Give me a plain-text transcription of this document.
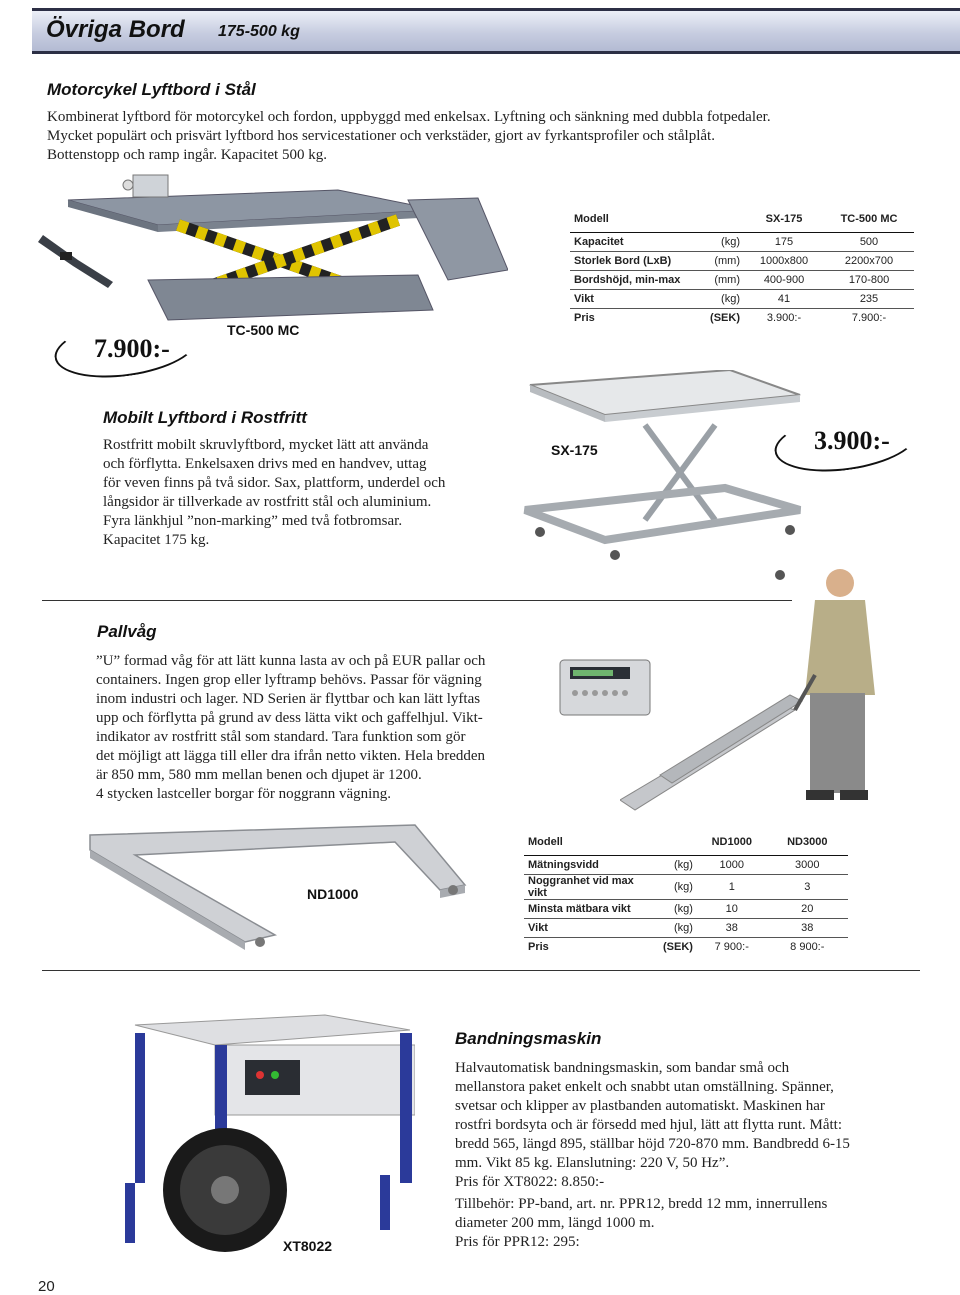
Övriga Bord 175-500 kg
Motorcykel Lyftbord i Stål
Kombinerat lyftbord för motorcykel och fordon, uppbyggd med enkelsax. Lyftning och sänkning med dubbla fotpedaler.
Mycket populärt och prisvärt lyftbord hos servicestationer och verkstäder, gjort av fyrkantsprofiler och stålplåt.
Bottenstopp och ramp ingår. Kapacitet 500 kg.
7.900:-
TC-500 MC
Modell		SX-175	TC-500 MC
Kapacitet	(kg)	175	500
Storlek Bord (LxB)	(mm)	1000x800	2200x700
Bordshöjd, min-max	(mm)	400-900	170-800
Vikt	(kg)	41	235
Pris	(SEK)	3.900:-	7.900:-
Mobilt Lyftbord i Rostfritt
Rostfritt mobilt skruvlyftbord, mycket lätt att använda
och förflytta. Enkelsaxen drivs med en handvev, uttag
för veven finns på två sidor. Sax, plattform, underdel och
långsidor är tillverkade av rostfritt stål och aluminium.
Fyra länkhjul ”non-marking” med två fotbromsar.
Kapacitet 175 kg.
SX-175	3.900:-
Pallvåg
”U” formad våg för att lätt kunna lasta av och på EUR pallar och
containers. Ingen grop eller lyftramp behövs. Passar för vägning
inom industri och lager. ND Serien är flyttbar och kan lätt lyftas
upp och förflytta på grund av dess lätta vikt och gaffelhjul. Vikt-
indikator av rostfritt stål som standard. Tara funktion som gör
det möjligt att lägga till eller dra ifrån netto vikten. Hela bredden
är 850 mm, 580 mm mellan benen och djupet är 1200.
4 stycken lastceller borgar för noggrann vägning.
ND1000
Modell		ND1000	ND3000
Mätningsvidd	(kg)	1000	3000
Noggranhet vid max vikt	(kg)	1	3
Minsta mätbara vikt	(kg)	10	20
Vikt	(kg)	38	38
Pris	(SEK)	7 900:-	8 900:-
XT8022
Bandningsmaskin
Halvautomatisk bandningsmaskin, som bandar små och
mellanstora paket enkelt och snabbt utan omställning. Spänner,
svetsar och klipper av plastbanden automatiskt. Maskinen har
rostfri bordsyta och är försedd med hjul, lätt att flytta runt. Mått:
bredd 565, längd 895, ställbar höjd 720-870 mm. Bandbredd 6-15
mm. Vikt 85 kg. Elanslutning: 220 V, 50 Hz”.
Pris för XT8022: 8.850:-
Tillbehör: PP-band, art. nr. PPR12, bredd 12 mm, innerrullens
diameter 200 mm, längd 1000 m.
Pris för PPR12: 295:
20
